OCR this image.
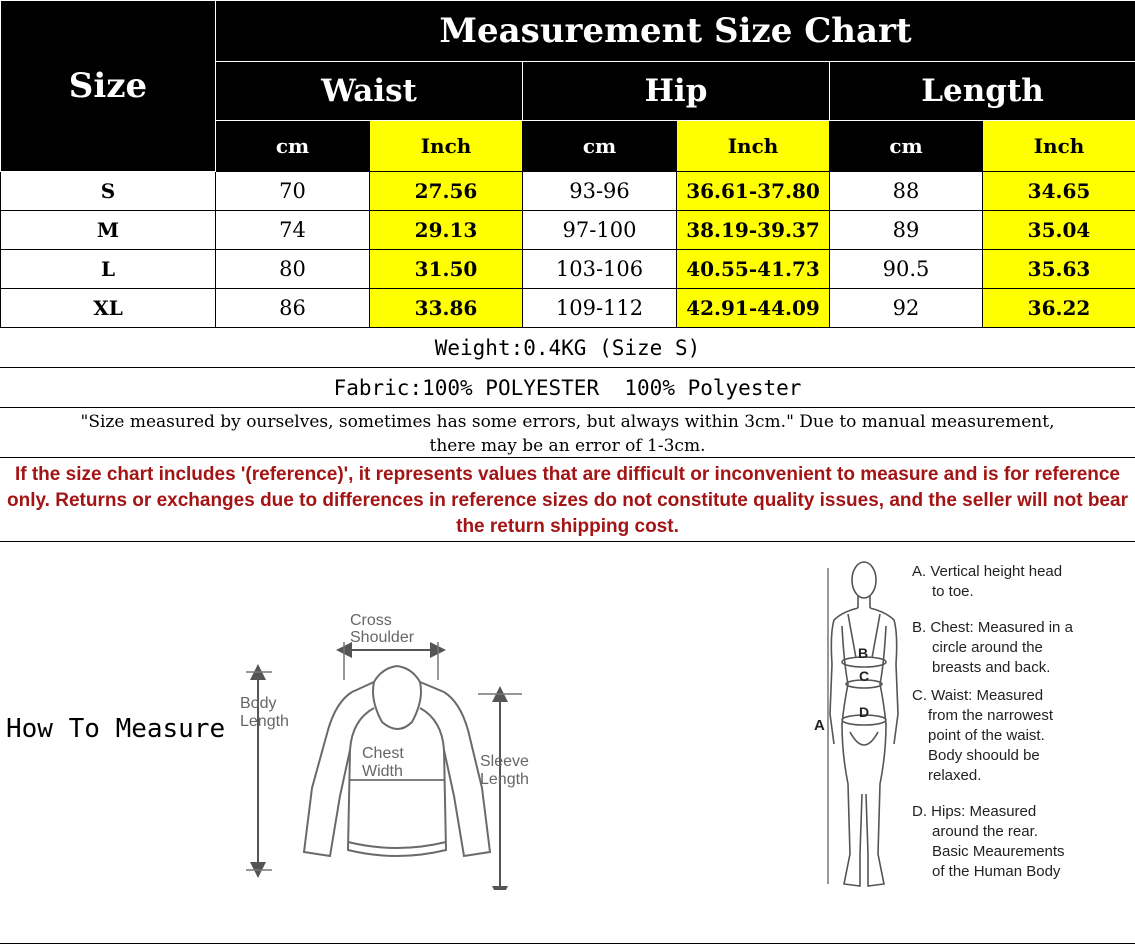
Size	Measurement Size Chart					
	Waist		Hip		Length	
	cm	Inch	cm	Inch	cm	Inch
S	70	27.56	93-96	36.61-37.80	88	34.65
M	74	29.13	97-100	38.19-39.37	89	35.04
L	80	31.50	103-106	40.55-41.73	90.5	35.63
XL	86	33.86	109-112	42.91-44.09	92	36.22
Weight:0.4KG (Size S)
Fabric:100% POLYESTER  100% Polyester
"Size measured by ourselves, sometimes has some errors, but always within 3cm." Due to manual measurement,
there may be an error of 1-3cm.
If the size chart includes '(reference)', it represents values that are difficult or inconvenient to measure and is for reference only. Returns or exchanges due to differences in reference sizes do not constitute quality issues, and the seller will not bear the return shipping cost.
How To Measure
Cross
Shoulder
Body
Length
Chest
Width
Sleeve
Length
B
C
D
A

A. Vertical height head

to toe.

B. Chest: Measured in a

circle around the

breasts and back.

C. Waist: Measured

from the narrowest

point of the waist.

Body shoould be

relaxed.

D. Hips: Measured

around the rear.

Basic Meaurements

of the Human Body
